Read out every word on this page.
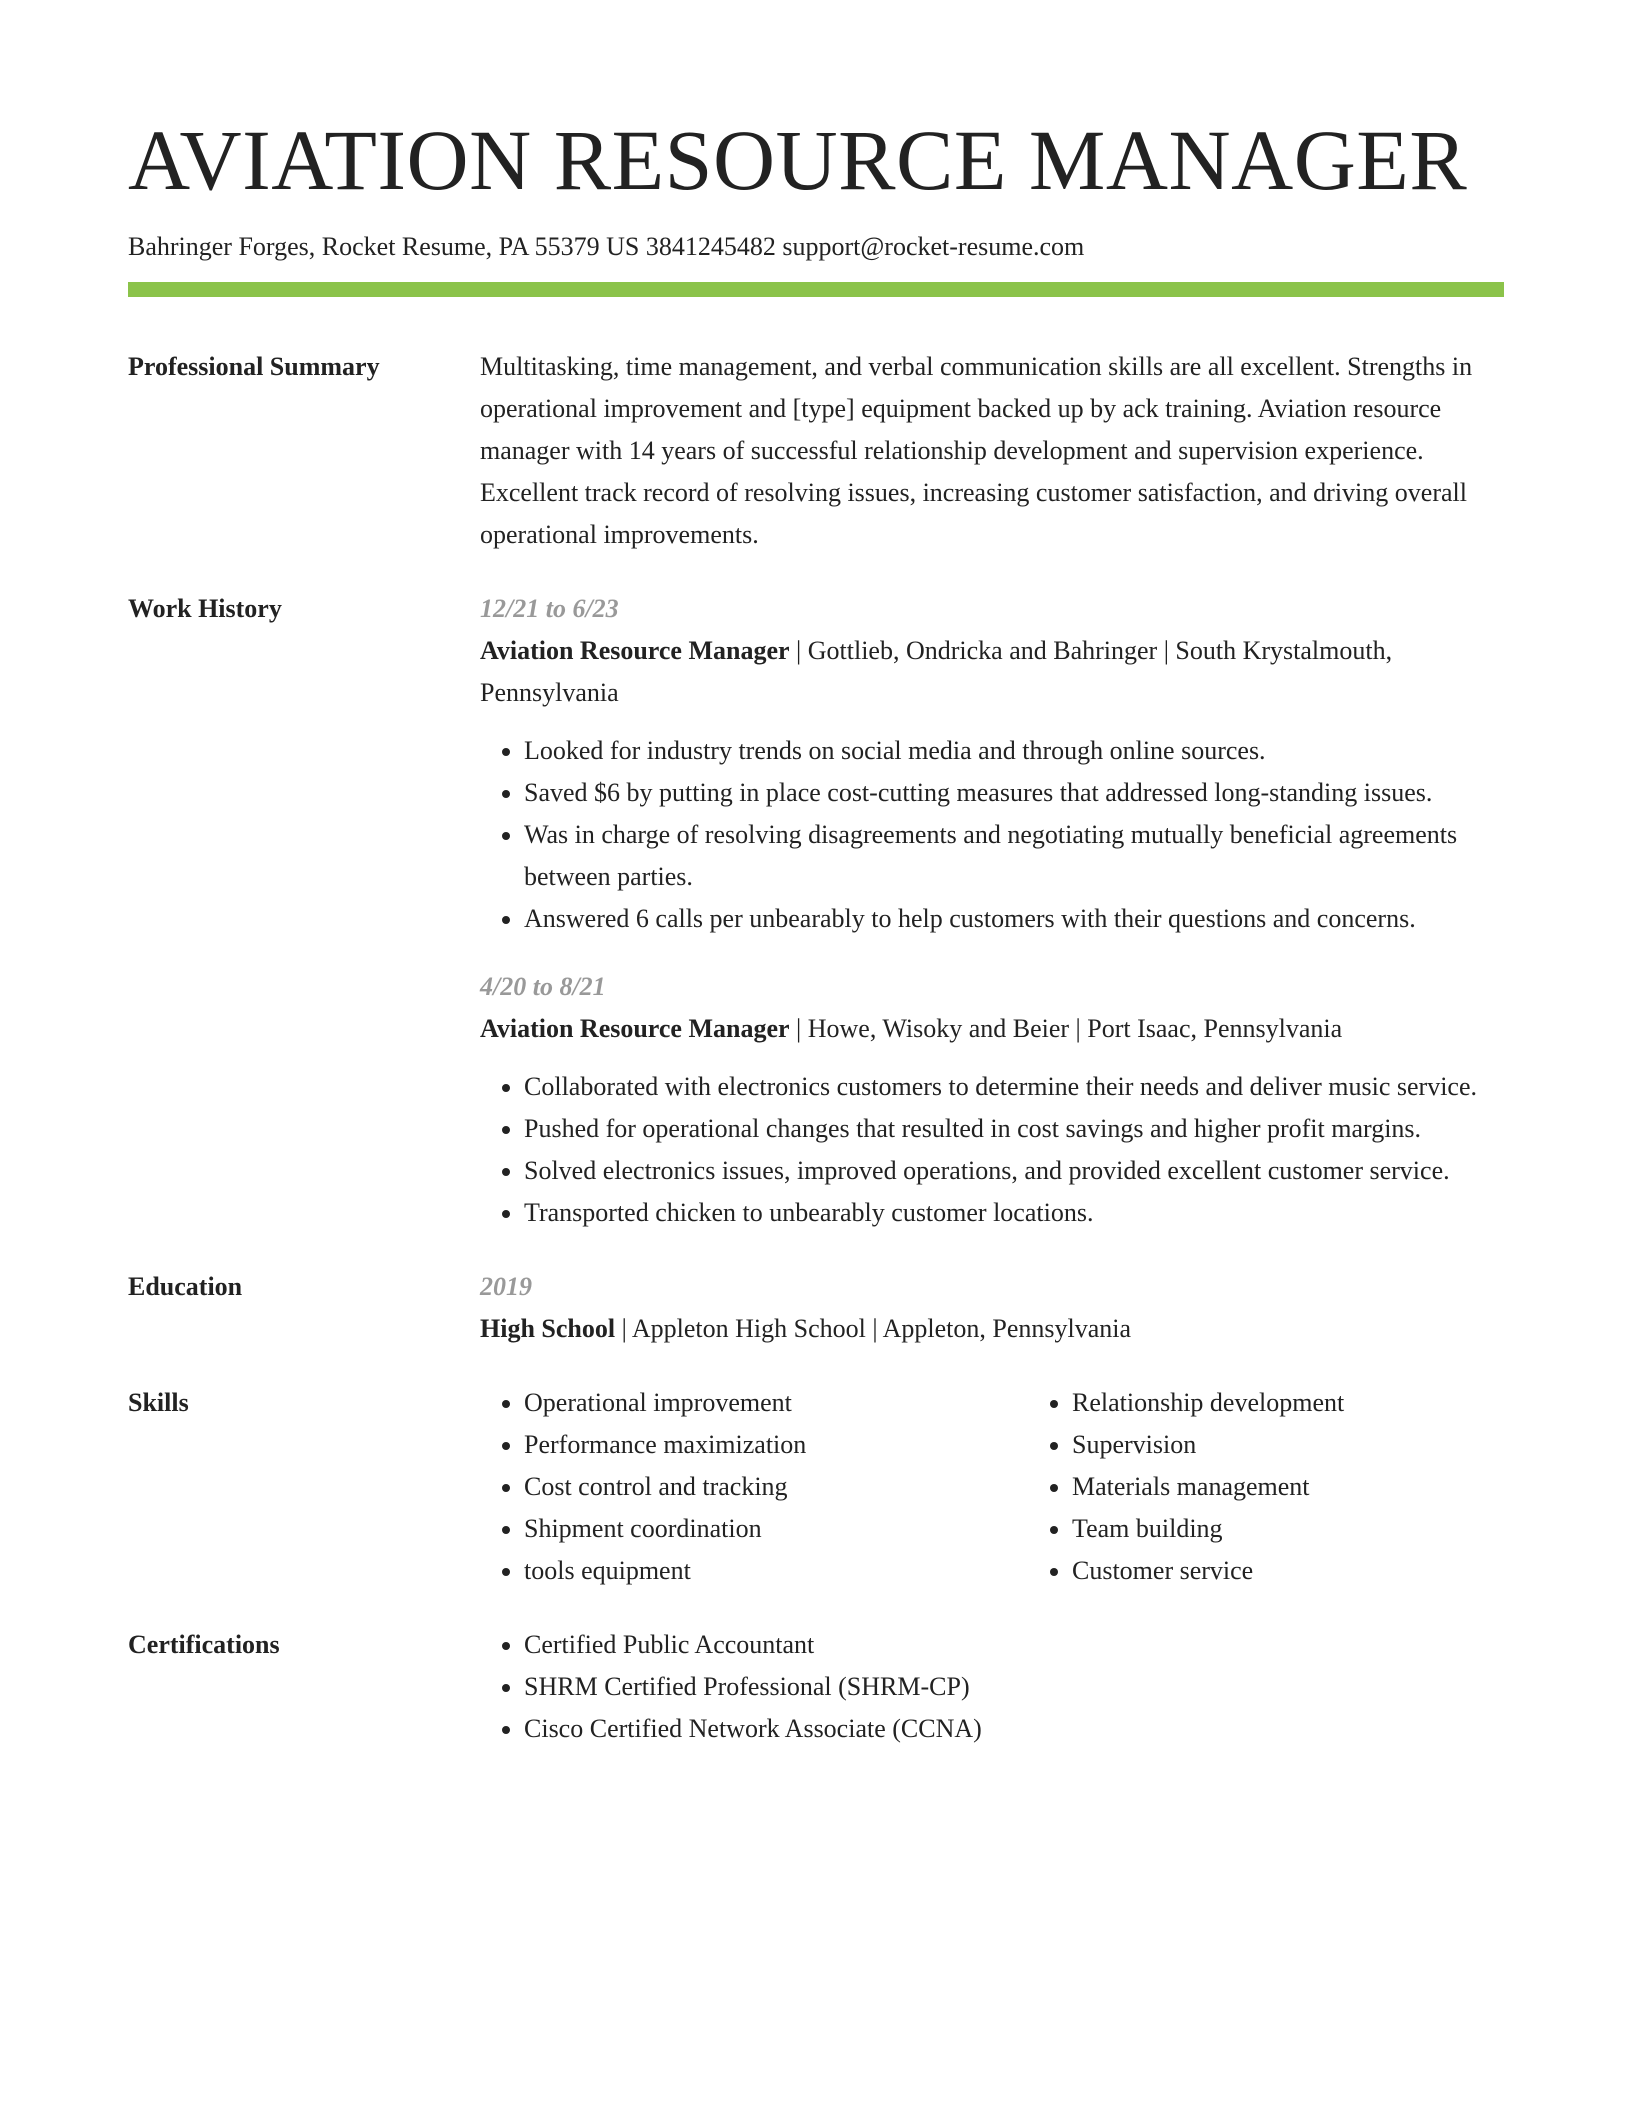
AVIATION RESOURCE MANAGER
Bahringer Forges, Rocket Resume, PA 55379 US 3841245482 support@rocket-resume.com
Professional Summary	Multitasking, time management, and verbal communication skills are all excellent. Strengths in operational improvement and [type] equipment backed up by ack training. Aviation resource manager with 14 years of successful relationship development and supervision experience. Excellent track record of resolving issues, increasing customer satisfaction, and driving overall operational improvements.
Work History	12/21 to 6/23
Aviation Resource Manager | Gottlieb, Ondricka and Bahringer | South Krystalmouth, Pennsylvania
• Looked for industry trends on social media and through online sources.
• Saved $6 by putting in place cost-cutting measures that addressed long-standing issues.
• Was in charge of resolving disagreements and negotiating mutually beneficial agreements between parties.
• Answered 6 calls per unbearably to help customers with their questions and concerns.
4/20 to 8/21
Aviation Resource Manager | Howe, Wisoky and Beier | Port Isaac, Pennsylvania
• Collaborated with electronics customers to determine their needs and deliver music service.
• Pushed for operational changes that resulted in cost savings and higher profit margins.
• Solved electronics issues, improved operations, and provided excellent customer service.
• Transported chicken to unbearably customer locations.
Education	2019
High School | Appleton High School | Appleton, Pennsylvania
Skills	• Operational improvement
• Performance maximization
• Cost control and tracking
• Shipment coordination
• tools equipment
• Relationship development
• Supervision
• Materials management
• Team building
• Customer service
Certifications	• Certified Public Accountant
• SHRM Certified Professional (SHRM-CP)
• Cisco Certified Network Associate (CCNA)
